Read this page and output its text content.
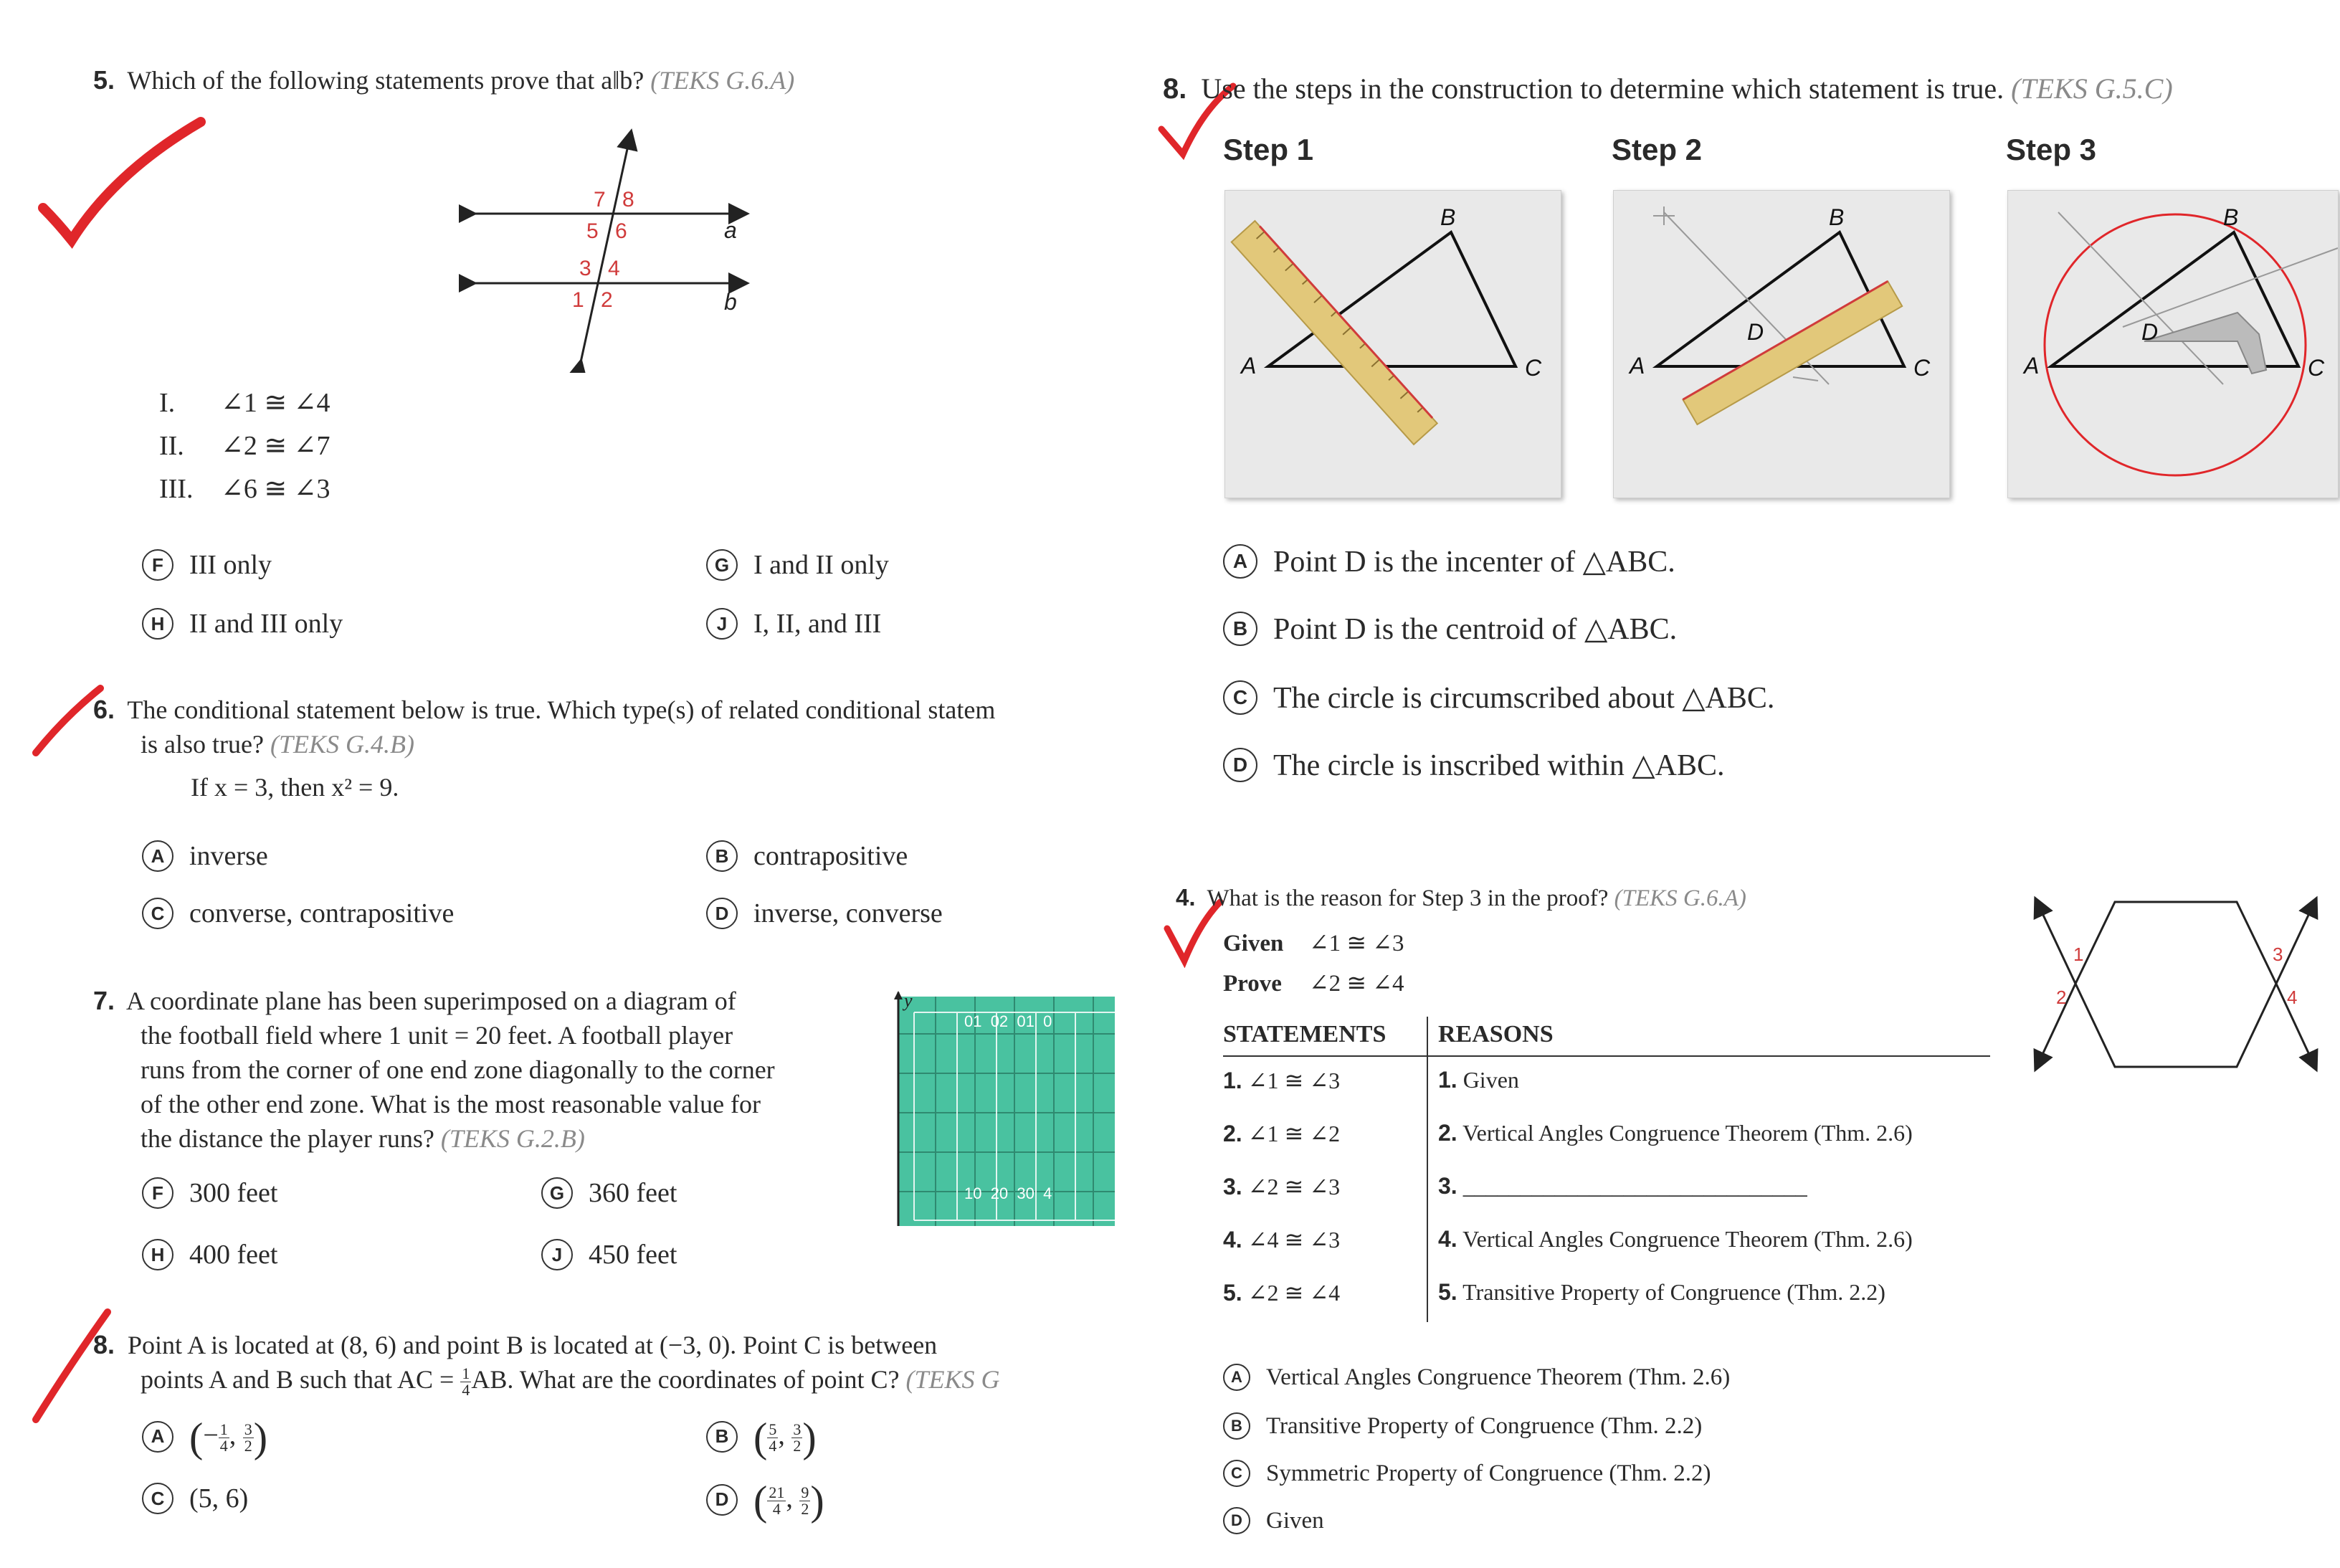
5. Which of the following statements prove that a‖b? (TEKS G.6.A)
7 8
5 6
3 4
1 2
a
b
I. ∠1 ≅ ∠4
II. ∠2 ≅ ∠7
III. ∠6 ≅ ∠3
F III only	G I and II only
H II and III only	J I, II, and III
6. The conditional statement below is true. Which type(s) of related conditional statem
is also true? (TEKS G.4.B)
If x = 3, then x² = 9.
A inverse	B contrapositive
C converse, contrapositive	D inverse, converse
7. A coordinate plane has been superimposed on a diagram of
the football field where 1 unit = 20 feet. A football player
runs from the corner of one end zone diagonally to the corner
of the other end zone. What is the most reasonable value for
the distance the player runs? (TEKS G.2.B)
y
01  02  01  0
10  20  30  4
F 300 feet	G 360 feet
H 400 feet	J 450 feet
8. Point A is located at (8, 6) and point B is located at (−3, 0). Point C is between
points A and B such that AC = $\frac{1}{4}$ AB. What are the coordinates of point C? (TEKS G
A (− $\frac{1}{4}$ , $\frac{3}{2}$ )	B ( $\frac{5}{4}$ , $\frac{3}{2}$ )
C (5, 6)	D ( $\frac{21}{4}$ , $\frac{9}{2}$ )
8. Use the steps in the construction to determine which statement is true. (TEKS G.5.C)
Step 1	Step 2	Step 3
B
A	C
B
A	C
D
B
A	C
D
A Point D is the incenter of △ABC.
B Point D is the centroid of △ABC.
C The circle is circumscribed about △ABC.
D The circle is inscribed within △ABC.
4. What is the reason for Step 3 in the proof? (TEKS G.6.A)
Given ∠1 ≅ ∠3
Prove ∠2 ≅ ∠4
STATEMENTS	REASONS
1. ∠1 ≅ ∠3	1. Given
2. ∠1 ≅ ∠2	2. Vertical Angles Congruence Theorem (Thm. 2.6)
3. ∠2 ≅ ∠3	3. ______________________________
4. ∠4 ≅ ∠3	4. Vertical Angles Congruence Theorem (Thm. 2.6)
5. ∠2 ≅ ∠4	5. Transitive Property of Congruence (Thm. 2.2)
1
2
3
4
A	Vertical Angles Congruence Theorem (Thm. 2.6)
B	Transitive Property of Congruence (Thm. 2.2)
C	Symmetric Property of Congruence (Thm. 2.2)
D	Given
